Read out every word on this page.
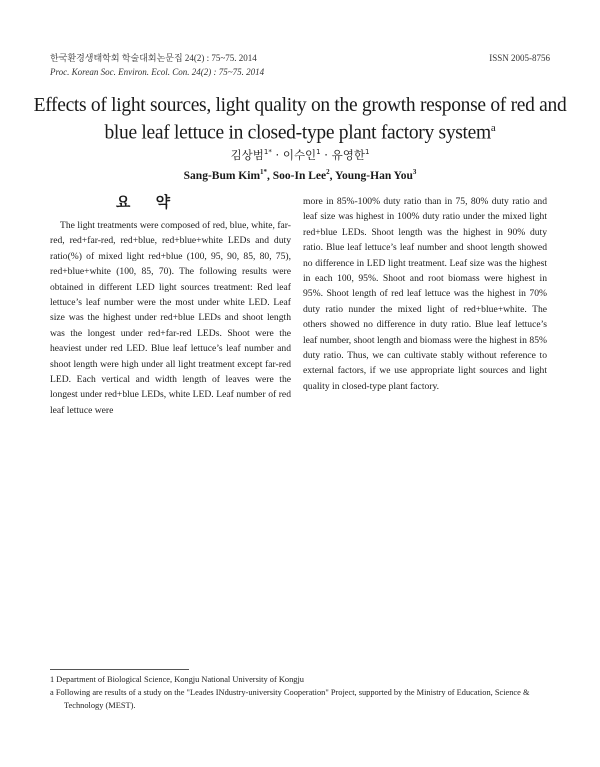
한국환경생태학회 학술대회논문집 24(2) : 75~75. 2014	ISSN 2005-8756
Proc. Korean Soc. Environ. Ecol. Con. 24(2) : 75~75. 2014
Effects of light sources, light quality on the growth response of red and blue leaf lettuce in closed-type plant factory system$^a$
김상범$^{1*}$ · 이수인$^1$ · 유영한$^1$
Sang-Bum Kim$^{1*}$, Soo-In Lee$^2$, Young-Han You$^3$
요 약

The light treatments were composed of red, blue, white, far-red, red+far-red, red+blue, red+blue+white LEDs and duty ratio(%) of mixed light red+blue (100, 95, 90, 85, 80, 75), red+blue+white (100, 85, 70). The following results were obtained in different LED light sources treatment: Red leaf lettuce’s leaf number were the most under white LED. Leaf size was the highest under red+blue LEDs and shoot length was the longest under red+far-red LEDs. Shoot were the heaviest under red LED. Blue leaf lettuce’s leaf number and shoot length were high under all light treatment except far-red LED. Each vertical and width length of leaves were the longest under red+blue LEDs, white LED. Leaf number of red leaf lettuce were

more in 85%-100% duty ratio than in 75, 80% duty ratio and leaf size was highest in 100% duty ratio under the mixed light red+blue LEDs. Shoot length was the highest in 90% duty ratio. Blue leaf lettuce’s leaf number and shoot length showed no difference in LED light treatment. Leaf size was the highest in each 100, 95%. Shoot and root biomass were highest in 95%. Shoot length of red leaf lettuce was the highest in 70% duty ratio nunder the mixed light of red+blue+white. The others showed no difference in duty ratio. Blue leaf lettuce’s leaf number, shoot length and biomass were the highest in 85% duty ratio. Thus, we can cultivate stably without reference to external factors, if we use appropriate light sources and light quality in closed-type plant factory.

1 Department of Biological Science, Kongju National University of Kongju
a Following are results of a study on the "Leades INdustry-university Cooperation" Project, supported by the Ministry of Education, Science & Technology (MEST).
